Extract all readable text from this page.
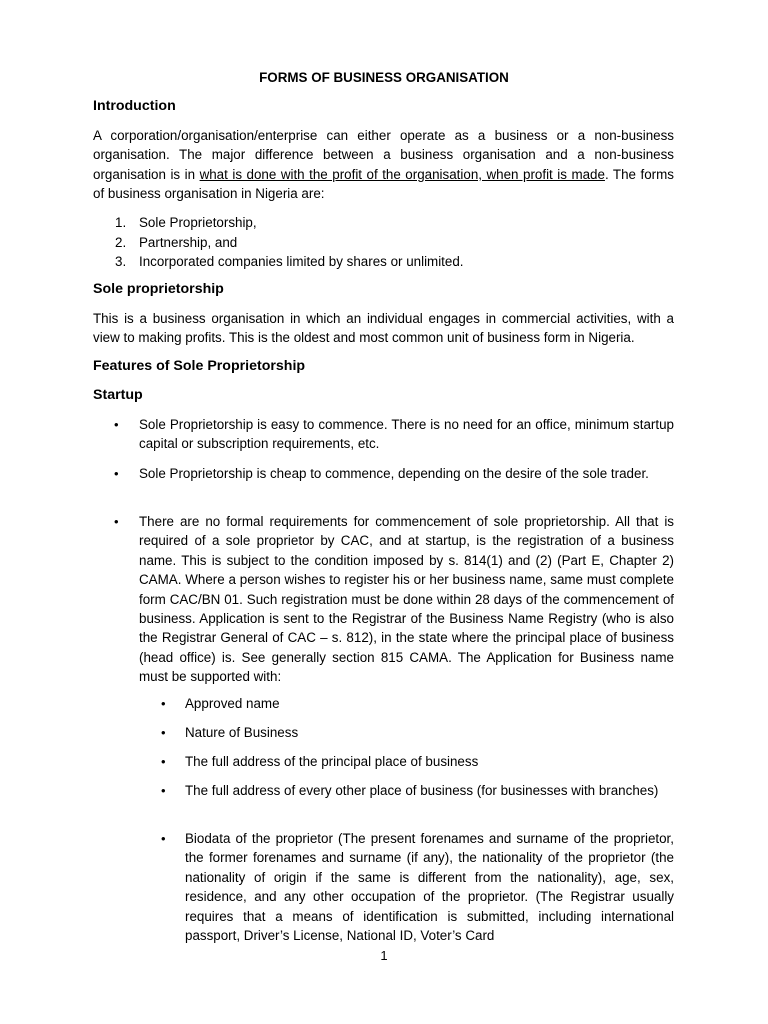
FORMS OF BUSINESS ORGANISATION
Introduction

A corporation/organisation/enterprise can either operate as a business or a non-business organisation. The major difference between a business organisation and a non-business organisation is in what is done with the profit of the organisation, when profit is made. The forms of business organisation in Nigeria are:

1. Sole Proprietorship,
2. Partnership, and
3. Incorporated companies limited by shares or unlimited.
Sole proprietorship

This is a business organisation in which an individual engages in commercial activities, with a view to making profits. This is the oldest and most common unit of business form in Nigeria.

Features of Sole Proprietorship
Startup
• Sole Proprietorship is easy to commence. There is no need for an office, minimum startup capital or subscription requirements, etc.

• Sole Proprietorship is cheap to commence, depending on the desire of the sole trader.

• There are no formal requirements for commencement of sole proprietorship. All that is required of a sole proprietor by CAC, and at startup, is the registration of a business name. This is subject to the condition imposed by s. 814(1) and (2) (Part E, Chapter 2) CAMA. Where a person wishes to register his or her business name, same must complete form CAC/BN 01. Such registration must be done within 28 days of the commencement of business. Application is sent to the Registrar of the Business Name Registry (who is also the Registrar General of CAC – s. 812), in the state where the principal place of business (head office) is. See generally section 815 CAMA. The Application for Business name must be supported with:

• Approved name

• Nature of Business

• The full address of the principal place of business

• The full address of every other place of business (for businesses with branches)

• Biodata of the proprietor (The present forenames and surname of the proprietor, the former forenames and surname (if any), the nationality of the proprietor (the nationality of origin if the same is different from the nationality), age, sex, residence, and any other occupation of the proprietor. (The Registrar usually requires that a means of identification is submitted, including international passport, Driver’s License, National ID, Voter’s Card

1
